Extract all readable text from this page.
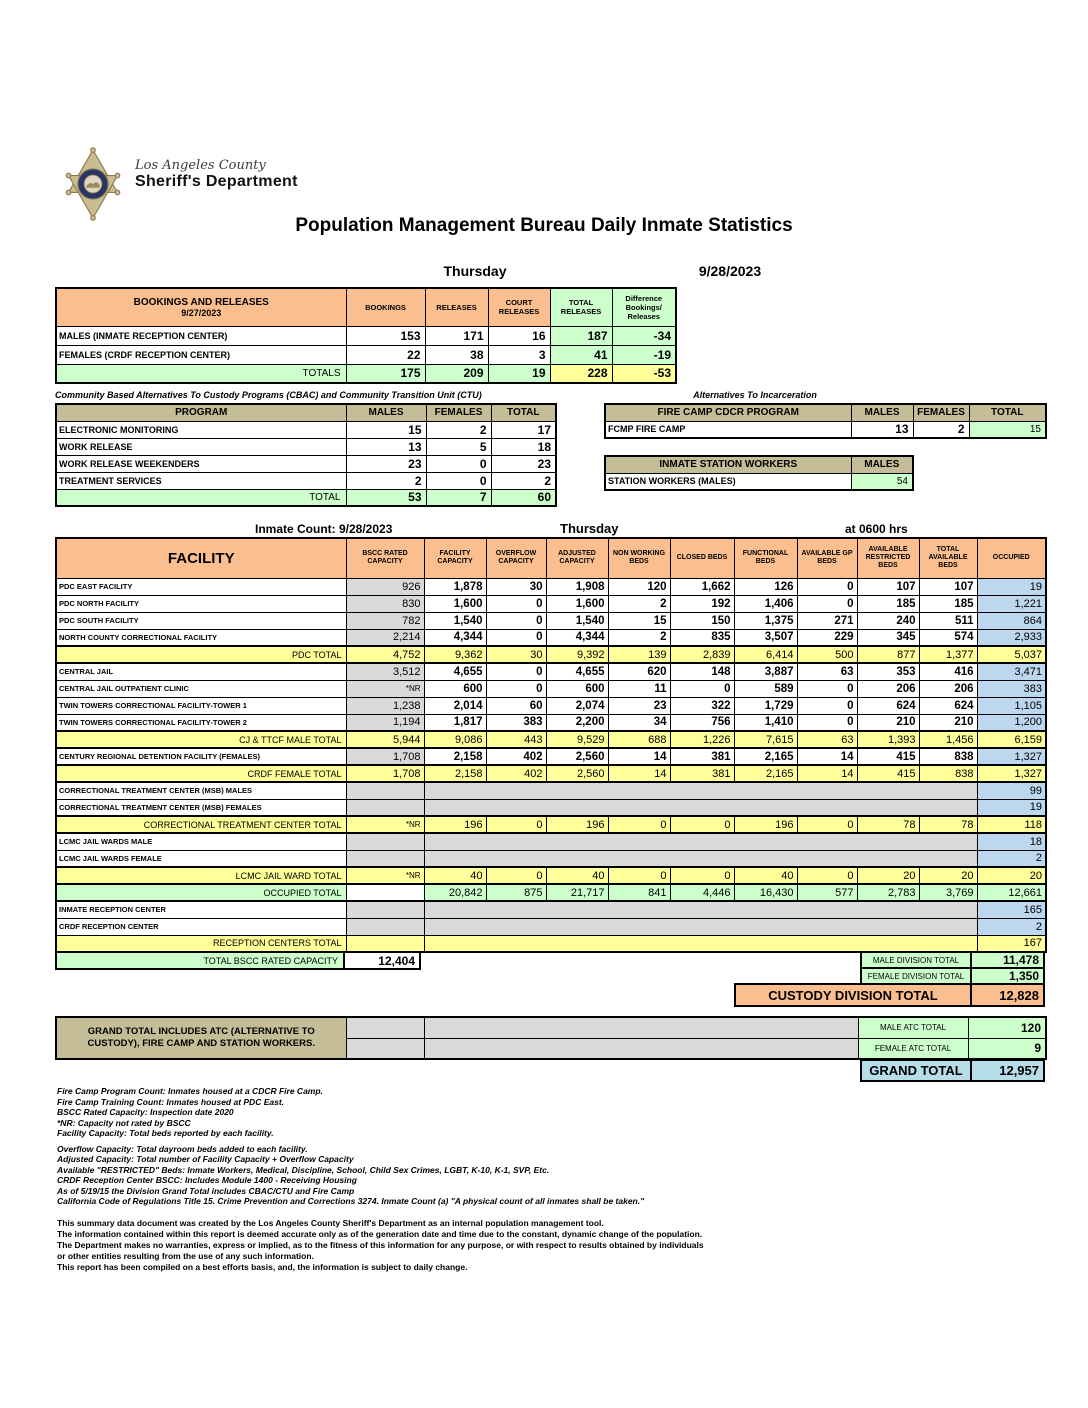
Los Angeles County
Sheriff's Department
Population Management Bureau Daily Inmate Statistics
Thursday	9/28/2023
BOOKINGS AND RELEASES
9/27/2023	BOOKINGS	RELEASES	COURT RELEASES	TOTAL RELEASES	Difference Bookings/ Releases
MALES (INMATE RECEPTION CENTER)	153	171	16	187	-34
FEMALES (CRDF RECEPTION CENTER)	22	38	3	41	-19
TOTALS	175	209	19	228	-53
Community Based Alternatives To Custody Programs (CBAC) and Community Transition Unit (CTU)
PROGRAM	MALES	FEMALES	TOTAL
ELECTRONIC MONITORING	15	2	17
WORK RELEASE	13	5	18
WORK RELEASE WEEKENDERS	23	0	23
TREATMENT SERVICES	2	0	2
TOTAL	53	7	60
Alternatives To Incarceration
FIRE CAMP CDCR PROGRAM	MALES	FEMALES	TOTAL
FCMP FIRE CAMP	13	2	15
INMATE STATION WORKERS	MALES
STATION WORKERS (MALES)	54
Inmate Count: 9/28/2023	Thursday	at 0600 hrs
FACILITY	BSCC RATED CAPACITY	FACILITY CAPACITY	OVERFLOW CAPACITY	ADJUSTED CAPACITY	NON WORKING BEDS	CLOSED BEDS	FUNCTIONAL BEDS	AVAILABLE GP BEDS	AVAILABLE RESTRICTED BEDS	TOTAL AVAILABLE BEDS	OCCUPIED
PDC EAST FACILITY	926	1,878	30	1,908	120	1,662	126	0	107	107	19
PDC NORTH FACILITY	830	1,600	0	1,600	2	192	1,406	0	185	185	1,221
PDC SOUTH FACILITY	782	1,540	0	1,540	15	150	1,375	271	240	511	864
NORTH COUNTY CORRECTIONAL FACILITY	2,214	4,344	0	4,344	2	835	3,507	229	345	574	2,933
PDC TOTAL	4,752	9,362	30	9,392	139	2,839	6,414	500	877	1,377	5,037
CENTRAL JAIL	3,512	4,655	0	4,655	620	148	3,887	63	353	416	3,471
CENTRAL JAIL OUTPATIENT CLINIC	*NR	600	0	600	11	0	589	0	206	206	383
TWIN TOWERS CORRECTIONAL FACILITY-TOWER 1	1,238	2,014	60	2,074	23	322	1,729	0	624	624	1,105
TWIN TOWERS CORRECTIONAL FACILITY-TOWER 2	1,194	1,817	383	2,200	34	756	1,410	0	210	210	1,200
CJ & TTCF MALE TOTAL	5,944	9,086	443	9,529	688	1,226	7,615	63	1,393	1,456	6,159
CENTURY REGIONAL DETENTION FACILITY (FEMALES)	1,708	2,158	402	2,560	14	381	2,165	14	415	838	1,327
CRDF FEMALE TOTAL	1,708	2,158	402	2,560	14	381	2,165	14	415	838	1,327
CORRECTIONAL TREATMENT CENTER (MSB) MALES											99
CORRECTIONAL TREATMENT CENTER (MSB) FEMALES											19
CORRECTIONAL TREATMENT CENTER TOTAL	*NR	196	0	196	0	0	196	0	78	78	118
LCMC JAIL WARDS MALE											18
LCMC JAIL WARDS FEMALE											2
LCMC JAIL WARD TOTAL	*NR	40	0	40	0	0	40	0	20	20	20
OCCUPIED TOTAL		20,842	875	21,717	841	4,446	16,430	577	2,783	3,769	12,661
INMATE RECEPTION CENTER											165
CRDF RECEPTION CENTER											2
RECEPTION CENTERS TOTAL											167
TOTAL BSCC RATED CAPACITY	12,404	MALE DIVISION TOTAL	11,478
FEMALE DIVISION TOTAL	1,350
CUSTODY DIVISION TOTAL	12,828
GRAND TOTAL INCLUDES ATC (ALTERNATIVE TO CUSTODY), FIRE CAMP AND STATION WORKERS.			MALE ATC TOTAL	120
			FEMALE ATC TOTAL	9
GRAND TOTAL	12,957
Fire Camp Program Count: Inmates housed at a CDCR Fire Camp.
Fire Camp Training Count: Inmates housed at PDC East.
BSCC Rated Capacity: Inspection date 2020
*NR: Capacity not rated by BSCC
Facility Capacity: Total beds reported by each facility.
Overflow Capacity: Total dayroom beds added to each facility.
Adjusted Capacity: Total number of Facility Capacity + Overflow Capacity
Available "RESTRICTED" Beds: Inmate Workers, Medical, Discipline, School, Child Sex Crimes, LGBT, K-10, K-1, SVP, Etc.
CRDF Reception Center BSCC: Includes Module 1400 - Receiving Housing
As of 5/19/15 the Division Grand Total includes CBAC/CTU and Fire Camp
California Code of Regulations Title 15. Crime Prevention and Corrections 3274. Inmate Count (a) "A physical count of all inmates shall be taken."
This summary data document was created by the Los Angeles County Sheriff's Department as an internal population management tool.
The information contained within this report is deemed accurate only as of the generation date and time due to the constant, dynamic change of the population.
The Department makes no warranties, express or implied, as to the fitness of this information for any purpose, or with respect to results obtained by individuals
or other entities resulting from the use of any such information.
This report has been compiled on a best efforts basis, and, the information is subject to daily change.
